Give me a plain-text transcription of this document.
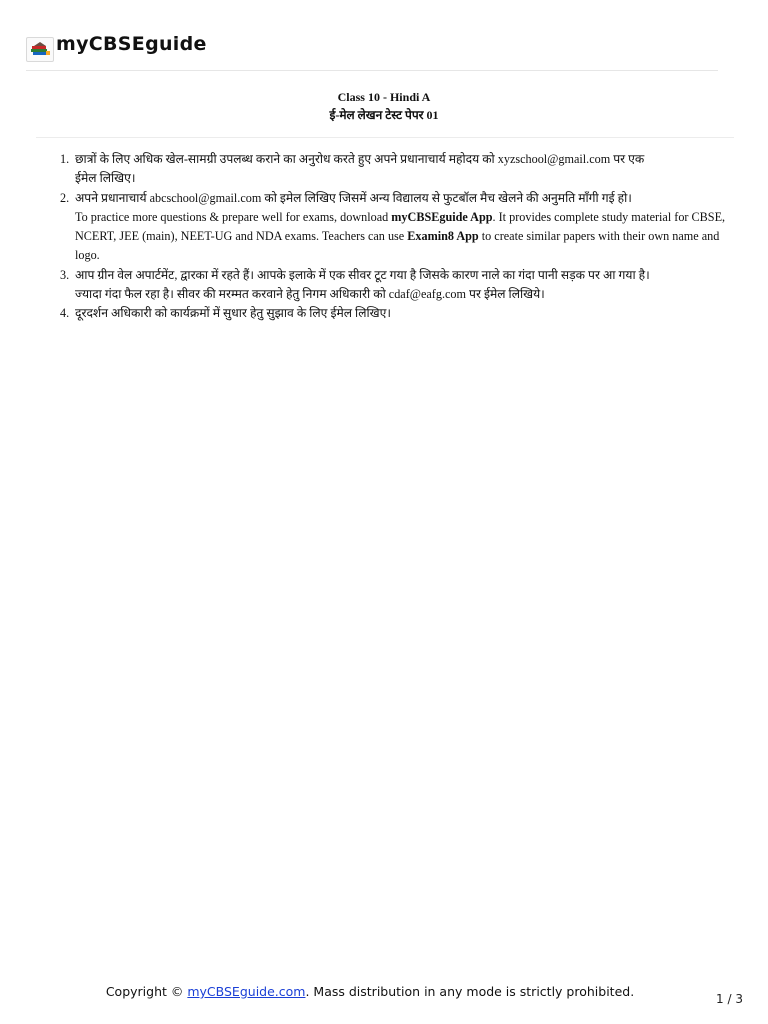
myCBSEguide
Class 10 - Hindi A
ई-मेल लेखन टेस्ट पेपर 01
1. छात्रों के लिए अधिक खेल-सामग्री उपलब्ध कराने का अनुरोध करते हुए अपने प्रधानाचार्य महोदय को xyzschool@gmail.com पर एक
ईमेल लिखिए।
2. अपने प्रधानाचार्य abcschool@gmail.com को इमेल लिखिए जिसमें अन्य विद्यालय से फुटबॉल मैच खेलने की अनुमति माँगी गई हो।
To practice more questions & prepare well for exams, download myCBSEguide App. It provides complete study material for CBSE, NCERT, JEE (main), NEET-UG and NDA exams. Teachers can use Examin8 App to create similar papers with their own name and logo.
3. आप ग्रीन वेल अपार्टमेंट, द्वारका में रहते हैं। आपके इलाके में एक सीवर टूट गया है जिसके कारण नाले का गंदा पानी सड़क पर आ गया है।
ज्यादा गंदा फैल रहा है। सीवर की मरम्मत करवाने हेतु निगम अधिकारी को cdaf@eafg.com पर ईमेल लिखिये।
4. दूरदर्शन अधिकारी को कार्यक्रमों में सुधार हेतु सुझाव के लिए ईमेल लिखिए।
Copyright © myCBSEguide.com. Mass distribution in any mode is strictly prohibited.	1 / 3
